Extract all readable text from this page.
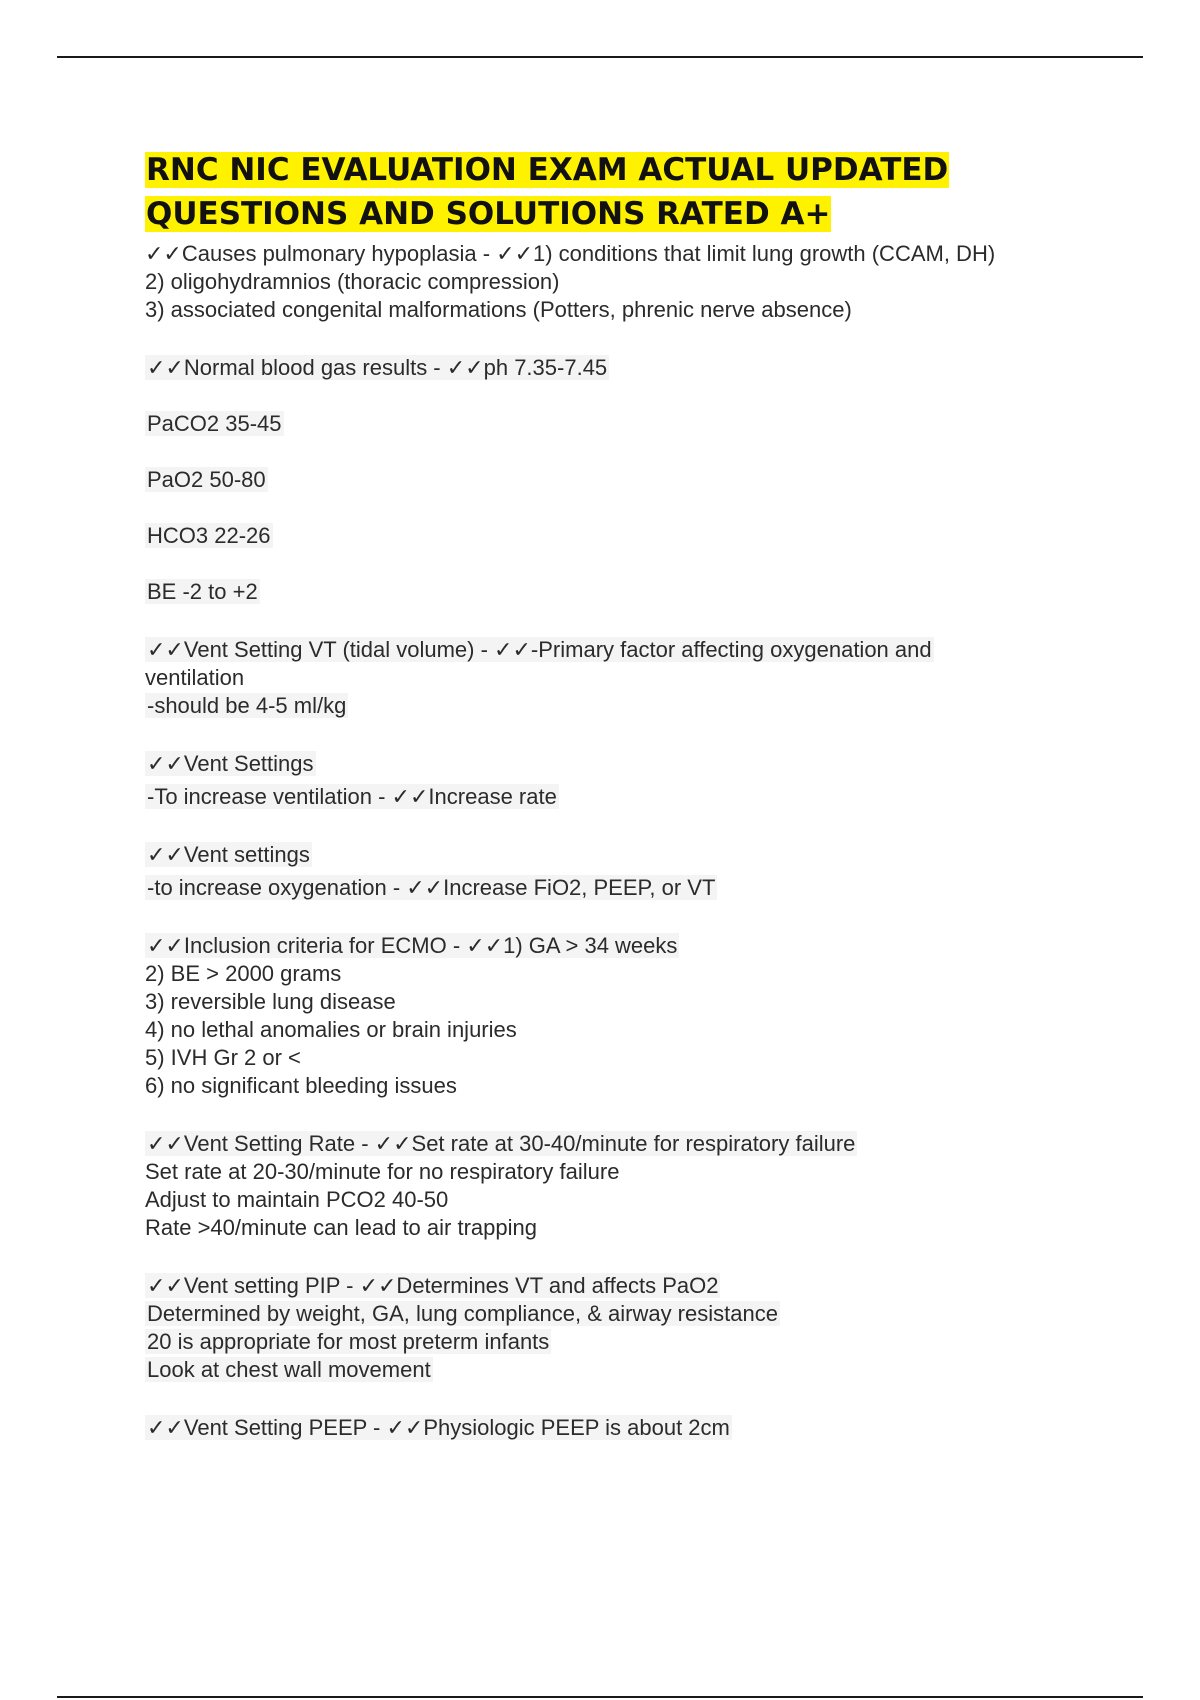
RNC NIC EVALUATION EXAM ACTUAL UPDATED
QUESTIONS AND SOLUTIONS RATED A+
✓✓Causes pulmonary hypoplasia - ✓✓1) conditions that limit lung growth (CCAM, DH)
2) oligohydramnios (thoracic compression)
3) associated congenital malformations (Potters, phrenic nerve absence)
✓✓Normal blood gas results - ✓✓ph 7.35-7.45
PaCO2 35-45
PaO2 50-80
HCO3 22-26
BE -2 to +2
✓✓Vent Setting VT (tidal volume) - ✓✓-Primary factor affecting oxygenation and
ventilation
-should be 4-5 ml/kg
✓✓Vent Settings
-To increase ventilation - ✓✓Increase rate
✓✓Vent settings
-to increase oxygenation - ✓✓Increase FiO2, PEEP, or VT
✓✓Inclusion criteria for ECMO - ✓✓1) GA > 34 weeks
2) BE > 2000 grams
3) reversible lung disease
4) no lethal anomalies or brain injuries
5) IVH Gr 2 or <
6) no significant bleeding issues
✓✓Vent Setting Rate - ✓✓Set rate at 30-40/minute for respiratory failure
Set rate at 20-30/minute for no respiratory failure
Adjust to maintain PCO2 40-50
Rate >40/minute can lead to air trapping
✓✓Vent setting PIP - ✓✓Determines VT and affects PaO2
Determined by weight, GA, lung compliance, & airway resistance
20 is appropriate for most preterm infants
Look at chest wall movement
✓✓Vent Setting PEEP - ✓✓Physiologic PEEP is about 2cm
